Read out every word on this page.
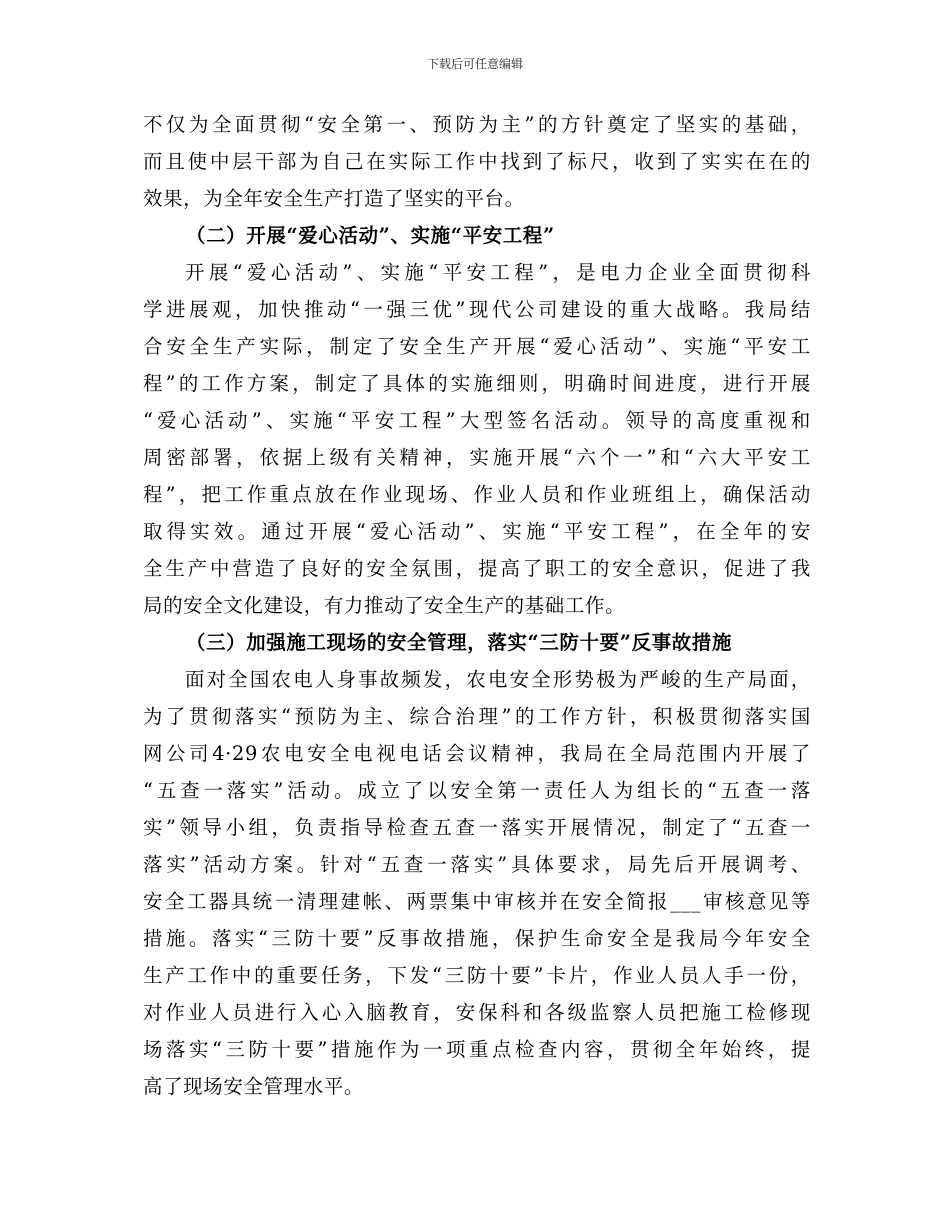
下载后可任意编辑
不仅为全面贯彻“安全第一、预防为主”的方针奠定了坚实的基础，
而且使中层干部为自己在实际工作中找到了标尺，收到了实实在在的
效果，为全年安全生产打造了坚实的平台。
（二）开展“爱心活动”、实施“平安工程”
开展“爱心活动”、实施“平安工程”，是电力企业全面贯彻科
学进展观，加快推动“一强三优”现代公司建设的重大战略。我局结
合安全生产实际，制定了安全生产开展“爱心活动”、实施“平安工
程”的工作方案，制定了具体的实施细则，明确时间进度，进行开展
“爱心活动”、实施“平安工程”大型签名活动。领导的高度重视和
周密部署，依据上级有关精神，实施开展“六个一”和“六大平安工
程”，把工作重点放在作业现场、作业人员和作业班组上，确保活动
取得实效。通过开展“爱心活动”、实施“平安工程”，在全年的安
全生产中营造了良好的安全氛围，提高了职工的安全意识，促进了我
局的安全文化建设，有力推动了安全生产的基础工作。
（三）加强施工现场的安全管理，落实“三防十要”反事故措施
面对全国农电人身事故频发，农电安全形势极为严峻的生产局面，
为了贯彻落实“预防为主、综合治理”的工作方针，积极贯彻落实国
网公司4·29农电安全电视电话会议精神，我局在全局范围内开展了
“五查一落实”活动。成立了以安全第一责任人为组长的“五查一落
实”领导小组，负责指导检查五查一落实开展情况，制定了“五查一
落实”活动方案。针对“五查一落实”具体要求，局先后开展调考、
安全工器具统一清理建帐、两票集中审核并在安全简报___审核意见等
措施。落实“三防十要”反事故措施，保护生命安全是我局今年安全
生产工作中的重要任务，下发“三防十要”卡片，作业人员人手一份，
对作业人员进行入心入脑教育，安保科和各级监察人员把施工检修现
场落实“三防十要”措施作为一项重点检查内容，贯彻全年始终，提
高了现场安全管理水平。
